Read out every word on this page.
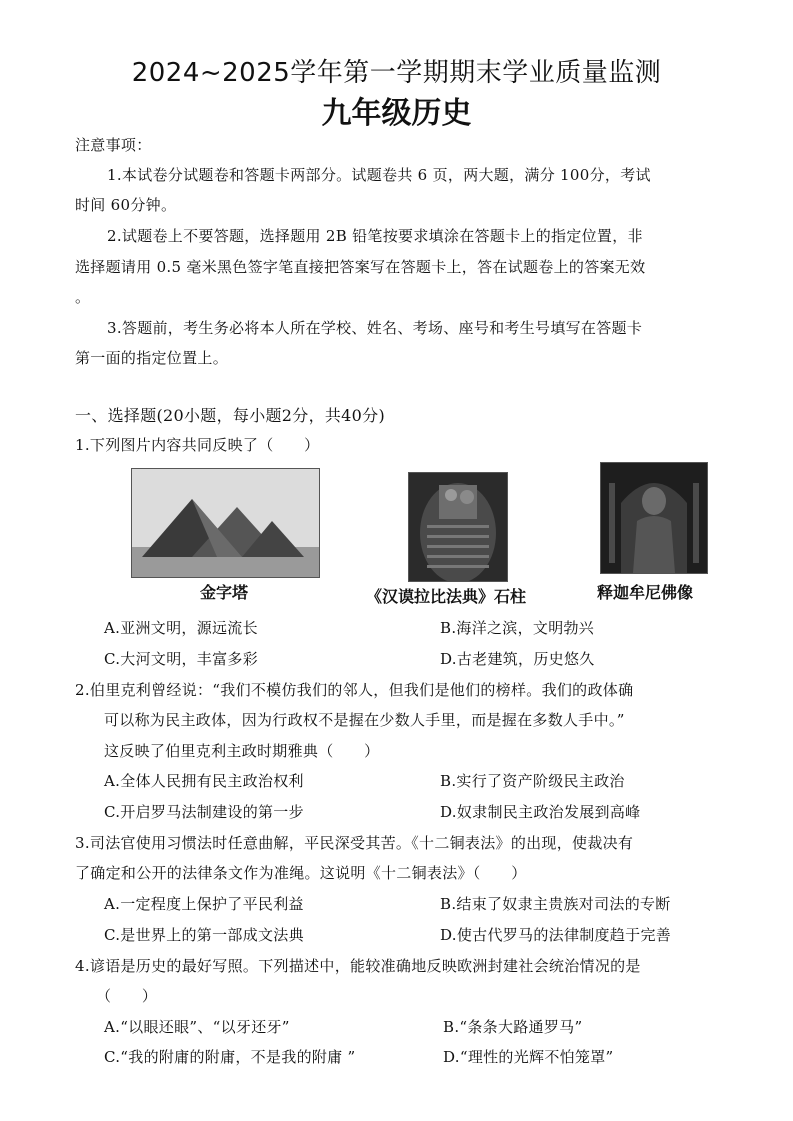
2024~2025学年第一学期期末学业质量监测
九年级历史
注意事项：
1.本试卷分试题卷和答题卡两部分。试题卷共 6 页，两大题，满分 100分，考试
时间 60分钟。
2.试题卷上不要答题，选择题用 2B 铅笔按要求填涂在答题卡上的指定位置，非
选择题请用 0.5 毫米黑色签字笔直接把答案写在答题卡上，答在试题卷上的答案无效
。
3.答题前，考生务必将本人所在学校、姓名、考场、座号和考生号填写在答题卡
第一面的指定位置上。
一、选择题(20小题，每小题2分，共40分)
1.下列图片内容共同反映了（　　）
金字塔	《汉谟拉比法典》石柱	释迦牟尼佛像
A.亚洲文明，源远流长	B.海洋之滨，文明勃兴
C.大河文明，丰富多彩	D.古老建筑，历史悠久
2.伯里克利曾经说：“我们不模仿我们的邻人，但我们是他们的榜样。我们的政体确
可以称为民主政体，因为行政权不是握在少数人手里，而是握在多数人手中。”
这反映了伯里克利主政时期雅典（　　）
A.全体人民拥有民主政治权利	B.实行了资产阶级民主政治
C.开启罗马法制建设的第一步	D.奴隶制民主政治发展到高峰
3.司法官使用习惯法时任意曲解，平民深受其苦。《十二铜表法》的出现，使裁决有
了确定和公开的法律条文作为准绳。这说明《十二铜表法》（　　）
A.一定程度上保护了平民利益	B.结束了奴隶主贵族对司法的专断
C.是世界上的第一部成文法典	D.使古代罗马的法律制度趋于完善
4.谚语是历史的最好写照。下列描述中，能较准确地反映欧洲封建社会统治情况的是
（　　）
A.“以眼还眼”、“以牙还牙”	B.“条条大路通罗马”
C.“我的附庸的附庸，不是我的附庸 ”	D.“理性的光辉不怕笼罩”
